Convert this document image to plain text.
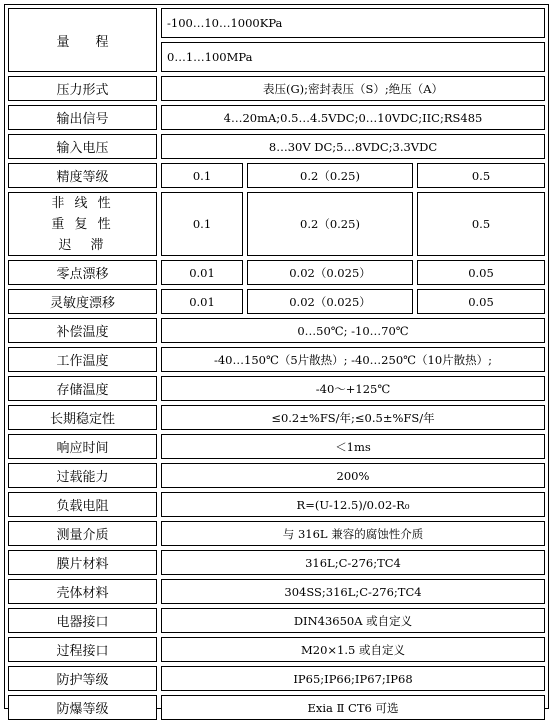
量　　程
-100…10…1000KPa
0…1…100MPa
压力形式	表压(G);密封表压（S）;绝压（A）
输出信号	4…20mA;0.5…4.5VDC;0…10VDC;IIC;RS485
输入电压	8…30V DC;5…8VDC;3.3VDC
精度等级	0.1	0.2（0.25)	0.5
非 线 性
重 复 性
迟　滞
0.1	0.2（0.25)	0.5
零点漂移	0.01	0.02（0.025）	0.05
灵敏度漂移	0.01	0.02（0.025）	0.05
补偿温度	0…50℃; -10…70℃
工作温度	-40…150℃（5片散热）; -40…250℃（10片散热）;
存储温度	-40～+125℃
长期稳定性	≤0.2±%FS/年;≤0.5±%FS/年
响应时间	＜1ms
过载能力	200%
负载电阻	R=(U-12.5)/0.02-R₀
测量介质	与 316L 兼容的腐蚀性介质
膜片材料	316L;C-276;TC4
壳体材料	304SS;316L;C-276;TC4
电器接口	DIN43650A 或自定义
过程接口	M20×1.5 或自定义
防护等级	IP65;IP66;IP67;IP68
防爆等级	Exia Ⅱ CT6 可选
